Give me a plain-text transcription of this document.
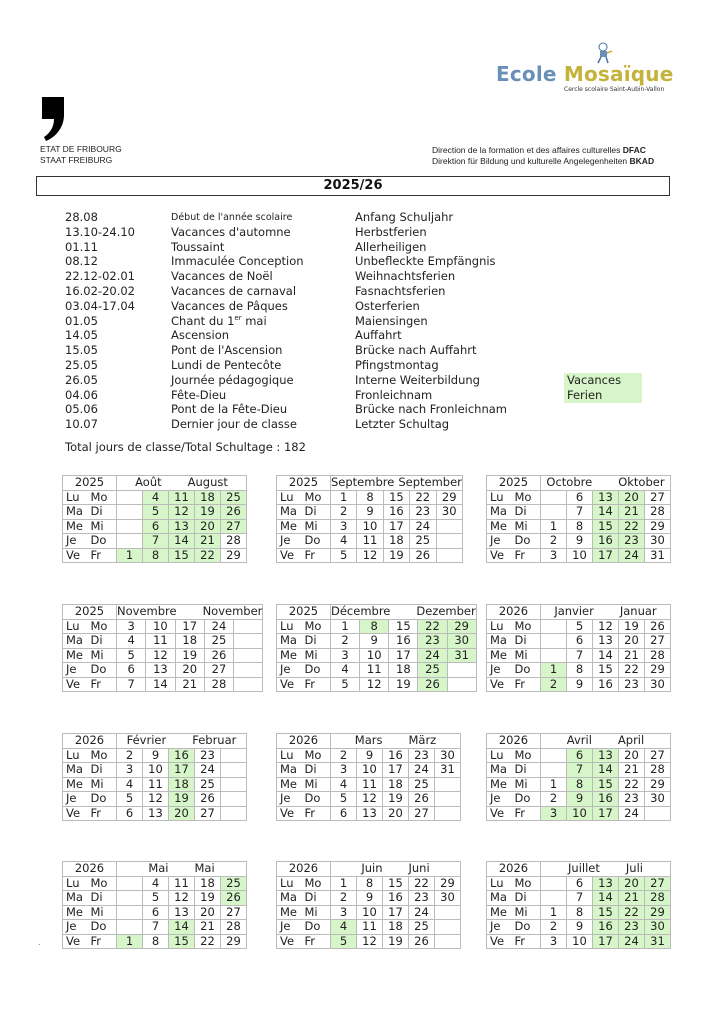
Ecole Mosaïque
Cercle scolaire Saint-Aubin-Vallon
ETAT DE FRIBOURG
STAAT FREIBURG
Direction de la formation et des affaires culturelles DFAC
Direktion für Bildung und kulturelle Angelegenheiten BKAD
2025/26
28.08	Début de l'année scolaire	Anfang Schuljahr
13.10-24.10	Vacances d'automne	Herbstferien
01.11	Toussaint	Allerheiligen
08.12	Immaculée Conception	Unbefleckte Empfängnis
22.12-02.01	Vacances de Noël	Weihnachtsferien
16.02-20.02	Vacances de carnaval	Fasnachtsferien
03.04-17.04	Vacances de Pâques	Osterferien
01.05	Chant du 1er mai	Maiensingen
14.05	Ascension	Auffahrt
15.05	Pont de l'Ascension	Brücke nach Auffahrt
25.05	Lundi de Pentecôte	Pfingstmontag
26.05	Journée pédagogique	Interne Weiterbildung
04.06	Fête-Dieu	Fronleichnam
05.06	Pont de la Fête-Dieu	Brücke nach Fronleichnam
10.07	Dernier jour de classe	Letzter Schultag
Vacances
Ferien
Total jours de classe/Total Schultage : 182
2025		Août August				
Lu	Mo		4	11	18	25
Ma	Di		5	12	19	26
Me	Mi		6	13	20	27
Je	Do		7	14	21	28
Ve	Fr	1	8	15	22	29
2025		Septembre September				
Lu	Mo	1	8	15	22	29
Ma	Di	2	9	16	23	30
Me	Mi	3	10	17	24	
Je	Do	4	11	18	25	
Ve	Fr	5	12	19	26	
2025		Octobre Oktober				
Lu	Mo		6	13	20	27
Ma	Di		7	14	21	28
Me	Mi	1	8	15	22	29
Je	Do	2	9	16	23	30
Ve	Fr	3	10	17	24	31
2025		Novembre November				
Lu	Mo	3	10	17	24	
Ma	Di	4	11	18	25	
Me	Mi	5	12	19	26	
Je	Do	6	13	20	27	
Ve	Fr	7	14	21	28	
2025		Décembre Dezember				
Lu	Mo	1	8	15	22	29
Ma	Di	2	9	16	23	30
Me	Mi	3	10	17	24	31
Je	Do	4	11	18	25	
Ve	Fr	5	12	19	26	
2026		Janvier Januar				
Lu	Mo		5	12	19	26
Ma	Di		6	13	20	27
Me	Mi		7	14	21	28
Je	Do	1	8	15	22	29
Ve	Fr	2	9	16	23	30
2026		Février Februar				
Lu	Mo	2	9	16	23	
Ma	Di	3	10	17	24	
Me	Mi	4	11	18	25	
Je	Do	5	12	19	26	
Ve	Fr	6	13	20	27	
2026		Mars März				
Lu	Mo	2	9	16	23	30
Ma	Di	3	10	17	24	31
Me	Mi	4	11	18	25	
Je	Do	5	12	19	26	
Ve	Fr	6	13	20	27	
2026		Avril April				
Lu	Mo		6	13	20	27
Ma	Di		7	14	21	28
Me	Mi	1	8	15	22	29
Je	Do	2	9	16	23	30
Ve	Fr	3	10	17	24	
2026		Mai Mai				
Lu	Mo		4	11	18	25
Ma	Di		5	12	19	26
Me	Mi		6	13	20	27
Je	Do		7	14	21	28
Ve	Fr	1	8	15	22	29
2026		Juin Juni				
Lu	Mo	1	8	15	22	29
Ma	Di	2	9	16	23	30
Me	Mi	3	10	17	24	
Je	Do	4	11	18	25	
Ve	Fr	5	12	19	26	
2026		Juillet Juli				
Lu	Mo		6	13	20	27
Ma	Di		7	14	21	28
Me	Mi	1	8	15	22	29
Je	Do	2	9	16	23	30
Ve	Fr	3	10	17	24	31
.
